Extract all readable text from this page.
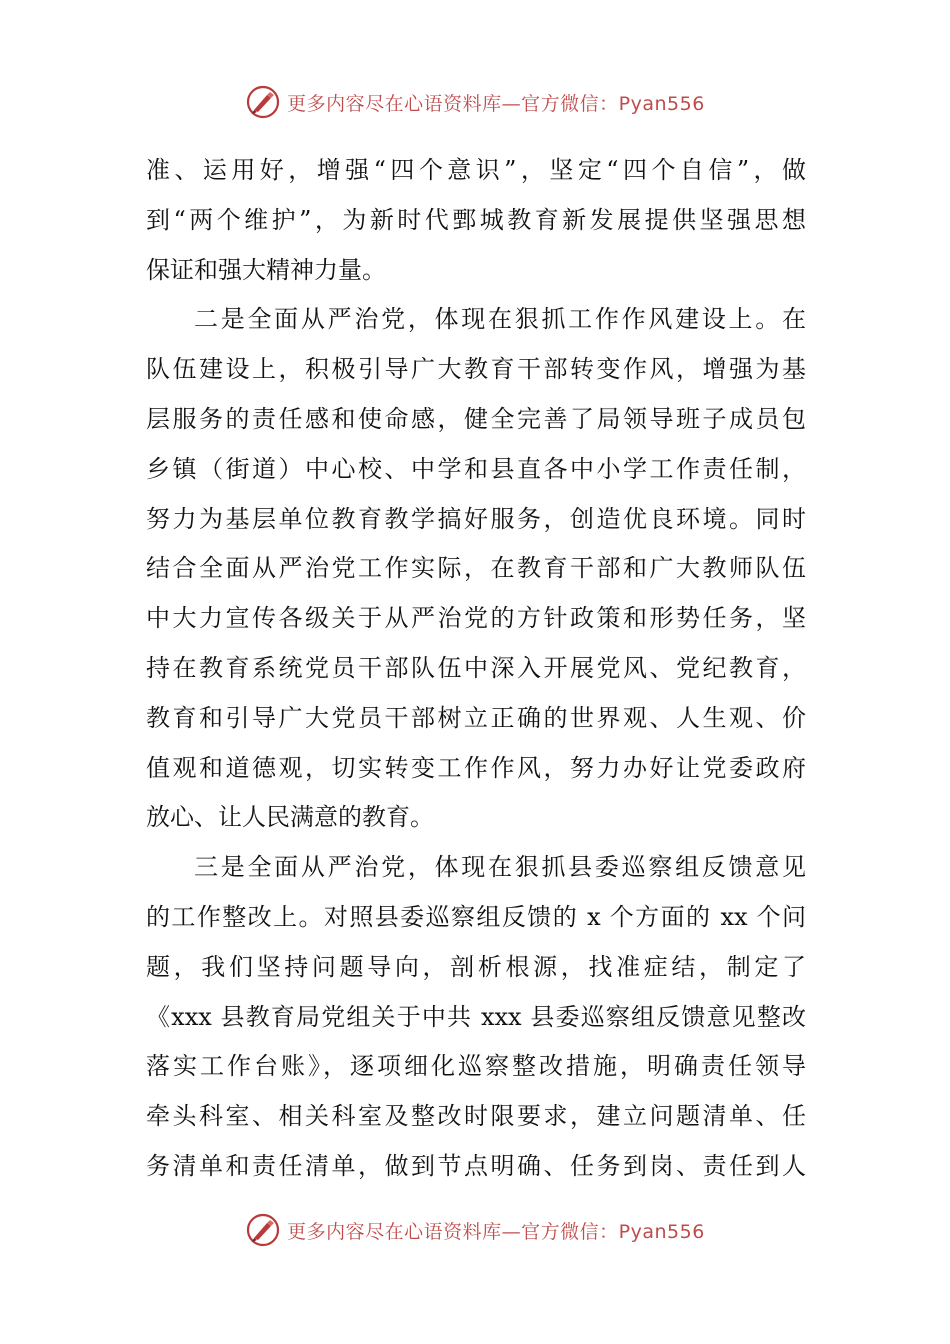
更多内容尽在心语资料库—官方微信：Pyan556
准、运用好，增强“四个意识”，坚定“四个自信”，做
到“两个维护”，为新时代鄄城教育新发展提供坚强思想
保证和强大精神力量。
二是全面从严治党，体现在狠抓工作作风建设上。在
队伍建设上，积极引导广大教育干部转变作风，增强为基
层服务的责任感和使命感，健全完善了局领导班子成员包
乡镇（街道）中心校、中学和县直各中小学工作责任制，
努力为基层单位教育教学搞好服务，创造优良环境。同时
结合全面从严治党工作实际，在教育干部和广大教师队伍
中大力宣传各级关于从严治党的方针政策和形势任务，坚
持在教育系统党员干部队伍中深入开展党风、党纪教育，
教育和引导广大党员干部树立正确的世界观、人生观、价
值观和道德观，切实转变工作作风，努力办好让党委政府
放心、让人民满意的教育。
三是全面从严治党，体现在狠抓县委巡察组反馈意见
的工作整改上。对照县委巡察组反馈的 x 个方面的 xx 个问
题，我们坚持问题导向，剖析根源，找准症结，制定了
《xxx 县教育局党组关于中共 xxx 县委巡察组反馈意见整改
落实工作台账》，逐项细化巡察整改措施，明确责任领导
牵头科室、相关科室及整改时限要求，建立问题清单、任
务清单和责任清单，做到节点明确、任务到岗、责任到人
更多内容尽在心语资料库—官方微信：Pyan556
